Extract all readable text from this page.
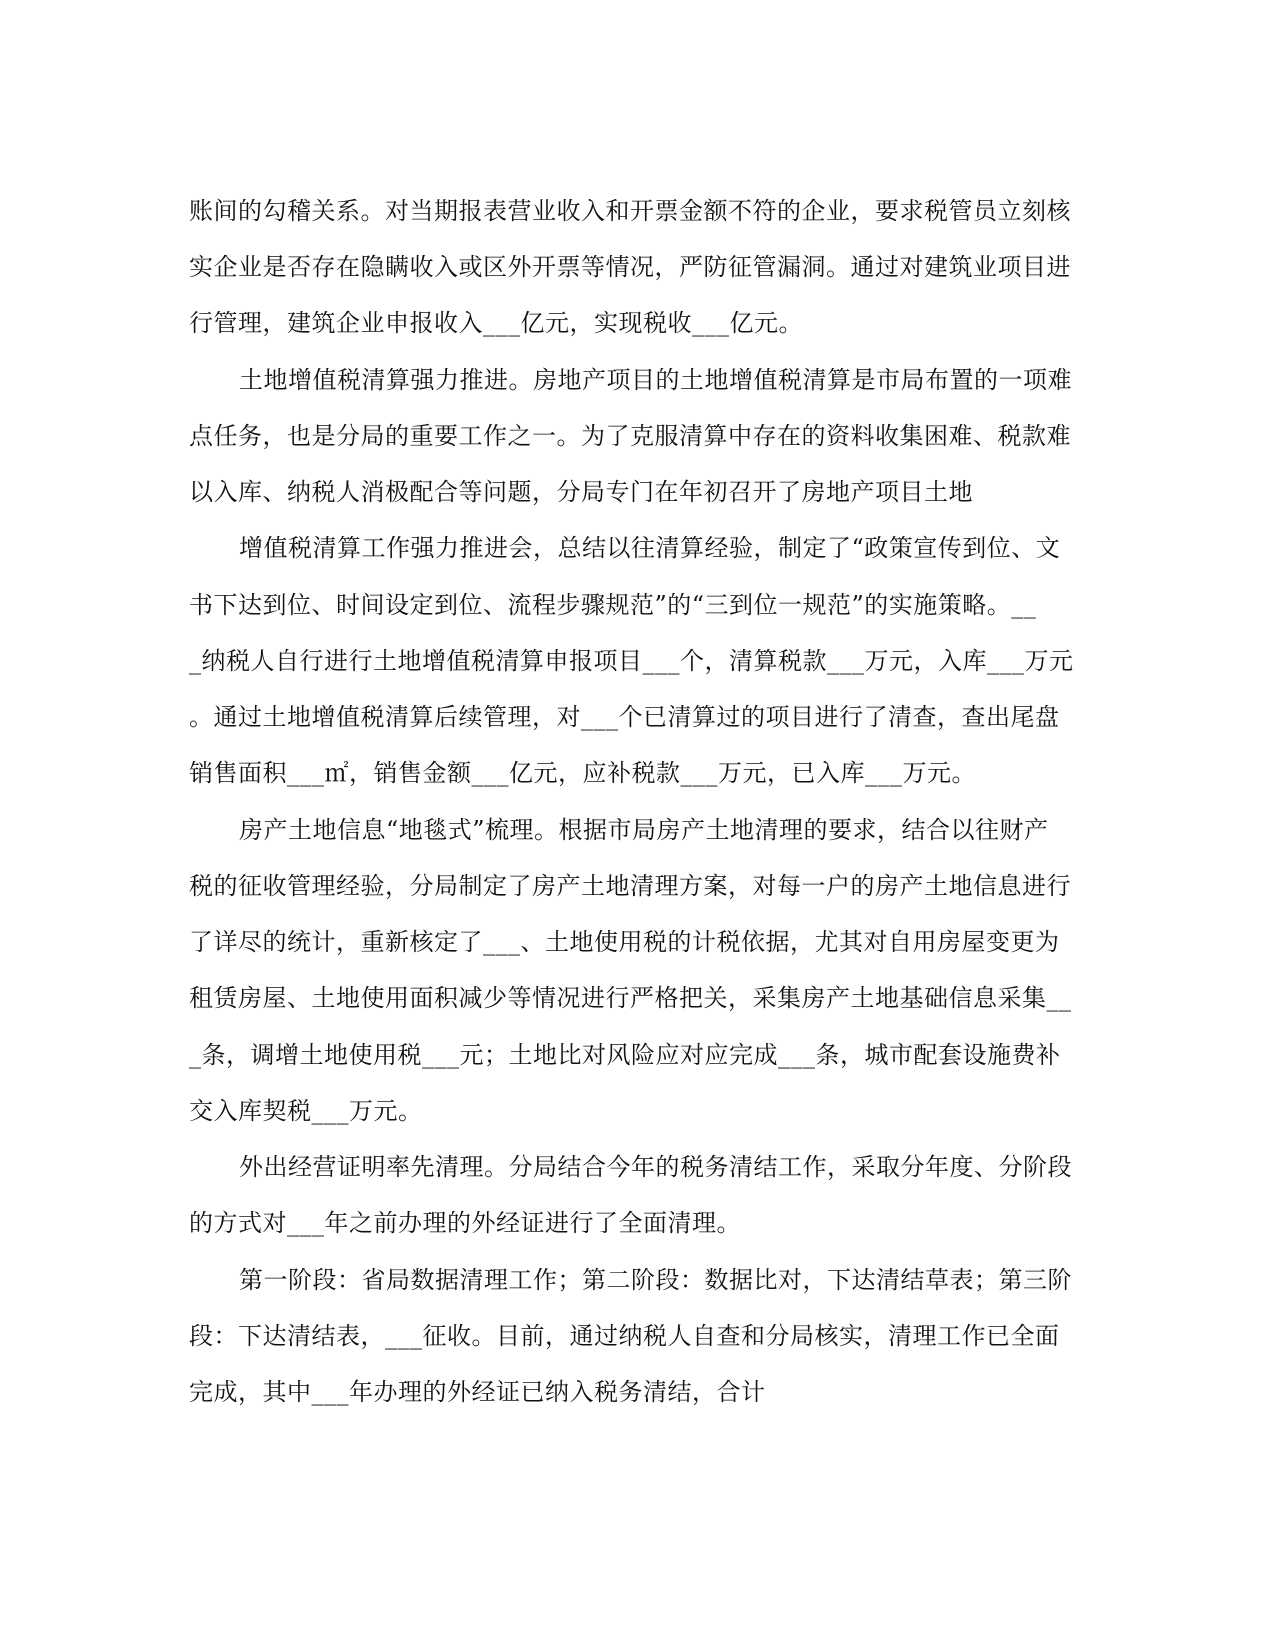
账间的勾稽关系。对当期报表营业收入和开票金额不符的企业，要求税管员立刻核
实企业是否存在隐瞒收入或区外开票等情况，严防征管漏洞。通过对建筑业项目进
行管理，建筑企业申报收入___亿元，实现税收___亿元。
土地增值税清算强力推进。房地产项目的土地增值税清算是市局布置的一项难
点任务，也是分局的重要工作之一。为了克服清算中存在的资料收集困难、税款难
以入库、纳税人消极配合等问题，分局专门在年初召开了房地产项目土地
增值税清算工作强力推进会，总结以往清算经验，制定了“政策宣传到位、文
书下达到位、时间设定到位、流程步骤规范”的“三到位一规范”的实施策略。__
_纳税人自行进行土地增值税清算申报项目___个，清算税款___万元，入库___万元
。通过土地增值税清算后续管理，对___个已清算过的项目进行了清查，查出尾盘
销售面积___㎡，销售金额___亿元，应补税款___万元，已入库___万元。
房产土地信息“地毯式”梳理。根据市局房产土地清理的要求，结合以往财产
税的征收管理经验，分局制定了房产土地清理方案，对每一户的房产土地信息进行
了详尽的统计，重新核定了___、土地使用税的计税依据，尤其对自用房屋变更为
租赁房屋、土地使用面积减少等情况进行严格把关，采集房产土地基础信息采集__
_条，调增土地使用税___元；土地比对风险应对应完成___条，城市配套设施费补
交入库契税___万元。
外出经营证明率先清理。分局结合今年的税务清结工作，采取分年度、分阶段
的方式对___年之前办理的外经证进行了全面清理。
第一阶段：省局数据清理工作；第二阶段：数据比对，下达清结草表；第三阶
段：下达清结表，___征收。目前，通过纳税人自查和分局核实，清理工作已全面
完成，其中___年办理的外经证已纳入税务清结，合计
